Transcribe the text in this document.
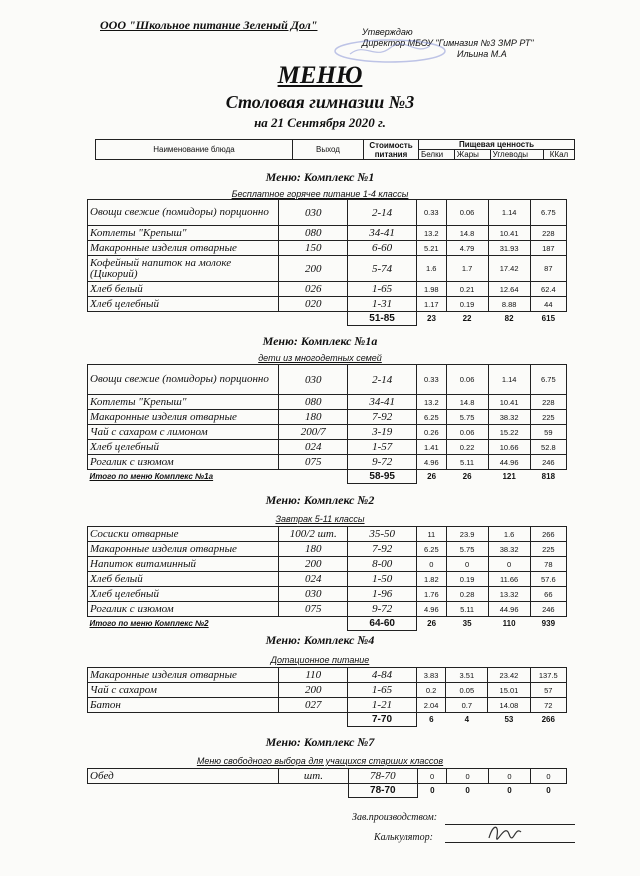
ООО "Школьное питание Зеленый Дол"	Утверждаю
Директор МБОУ "Гимназия №3 ЗМР РТ"
Ильина М.А
МЕНЮ
Столовая гимназии №3
на 21 Сентября 2020 г.
Наименование блюда	Выход	Стоимость питания	Пищевая ценность			
			Белки	Жары	Углеводы	ККал
Меню: Комплекс №1
Бесплатное горячее питание 1-4 классы
Овощи свежие (помидоры) порционно	030	2-14	0.33	0.06	1.14	6.75
Котлеты "Крепыш"	080	34-41	13.2	14.8	10.41	228
Макаронные изделия отварные	150	6-60	5.21	4.79	31.93	187
Кофейный напиток на молоке (Цикорий)	200	5-74	1.6	1.7	17.42	87
Хлеб белый	026	1-65	1.98	0.21	12.64	62.4
Хлеб целебный	020	1-31	1.17	0.19	8.88	44
		51-85	23	22	82	615
Меню: Комплекс №1а
дети из многодетных семей
Овощи свежие (помидоры) порционно	030	2-14	0.33	0.06	1.14	6.75
Котлеты "Крепыш"	080	34-41	13.2	14.8	10.41	228
Макаронные изделия отварные	180	7-92	6.25	5.75	38.32	225
Чай с сахаром с лимоном	200/7	3-19	0.26	0.06	15.22	59
Хлеб целебный	024	1-57	1.41	0.22	10.66	52.8
Рогалик с изюмом	075	9-72	4.96	5.11	44.96	246
Итого по меню Комплекс №1а		58-95	26	26	121	818
Меню: Комплекс №2
Завтрак 5-11 классы
Сосиски отварные	100/2 шт.	35-50	11	23.9	1.6	266
Макаронные изделия отварные	180	7-92	6.25	5.75	38.32	225
Напиток витаминный	200	8-00	0	0	0	78
Хлеб белый	024	1-50	1.82	0.19	11.66	57.6
Хлеб целебный	030	1-96	1.76	0.28	13.32	66
Рогалик с изюмом	075	9-72	4.96	5.11	44.96	246
Итого по меню Комплекс №2		64-60	26	35	110	939
Меню: Комплекс №4
Дотационное питание
Макаронные изделия отварные	110	4-84	3.83	3.51	23.42	137.5
Чай с сахаром	200	1-65	0.2	0.05	15.01	57
Батон	027	1-21	2.04	0.7	14.08	72
		7-70	6	4	53	266
Меню: Комплекс №7
Меню свободного выбора для учащихся старших классов
Обед	шт.	78-70	0	0	0	0
		78-70	0	0	0	0
Зав.производством:
Калькулятор:
